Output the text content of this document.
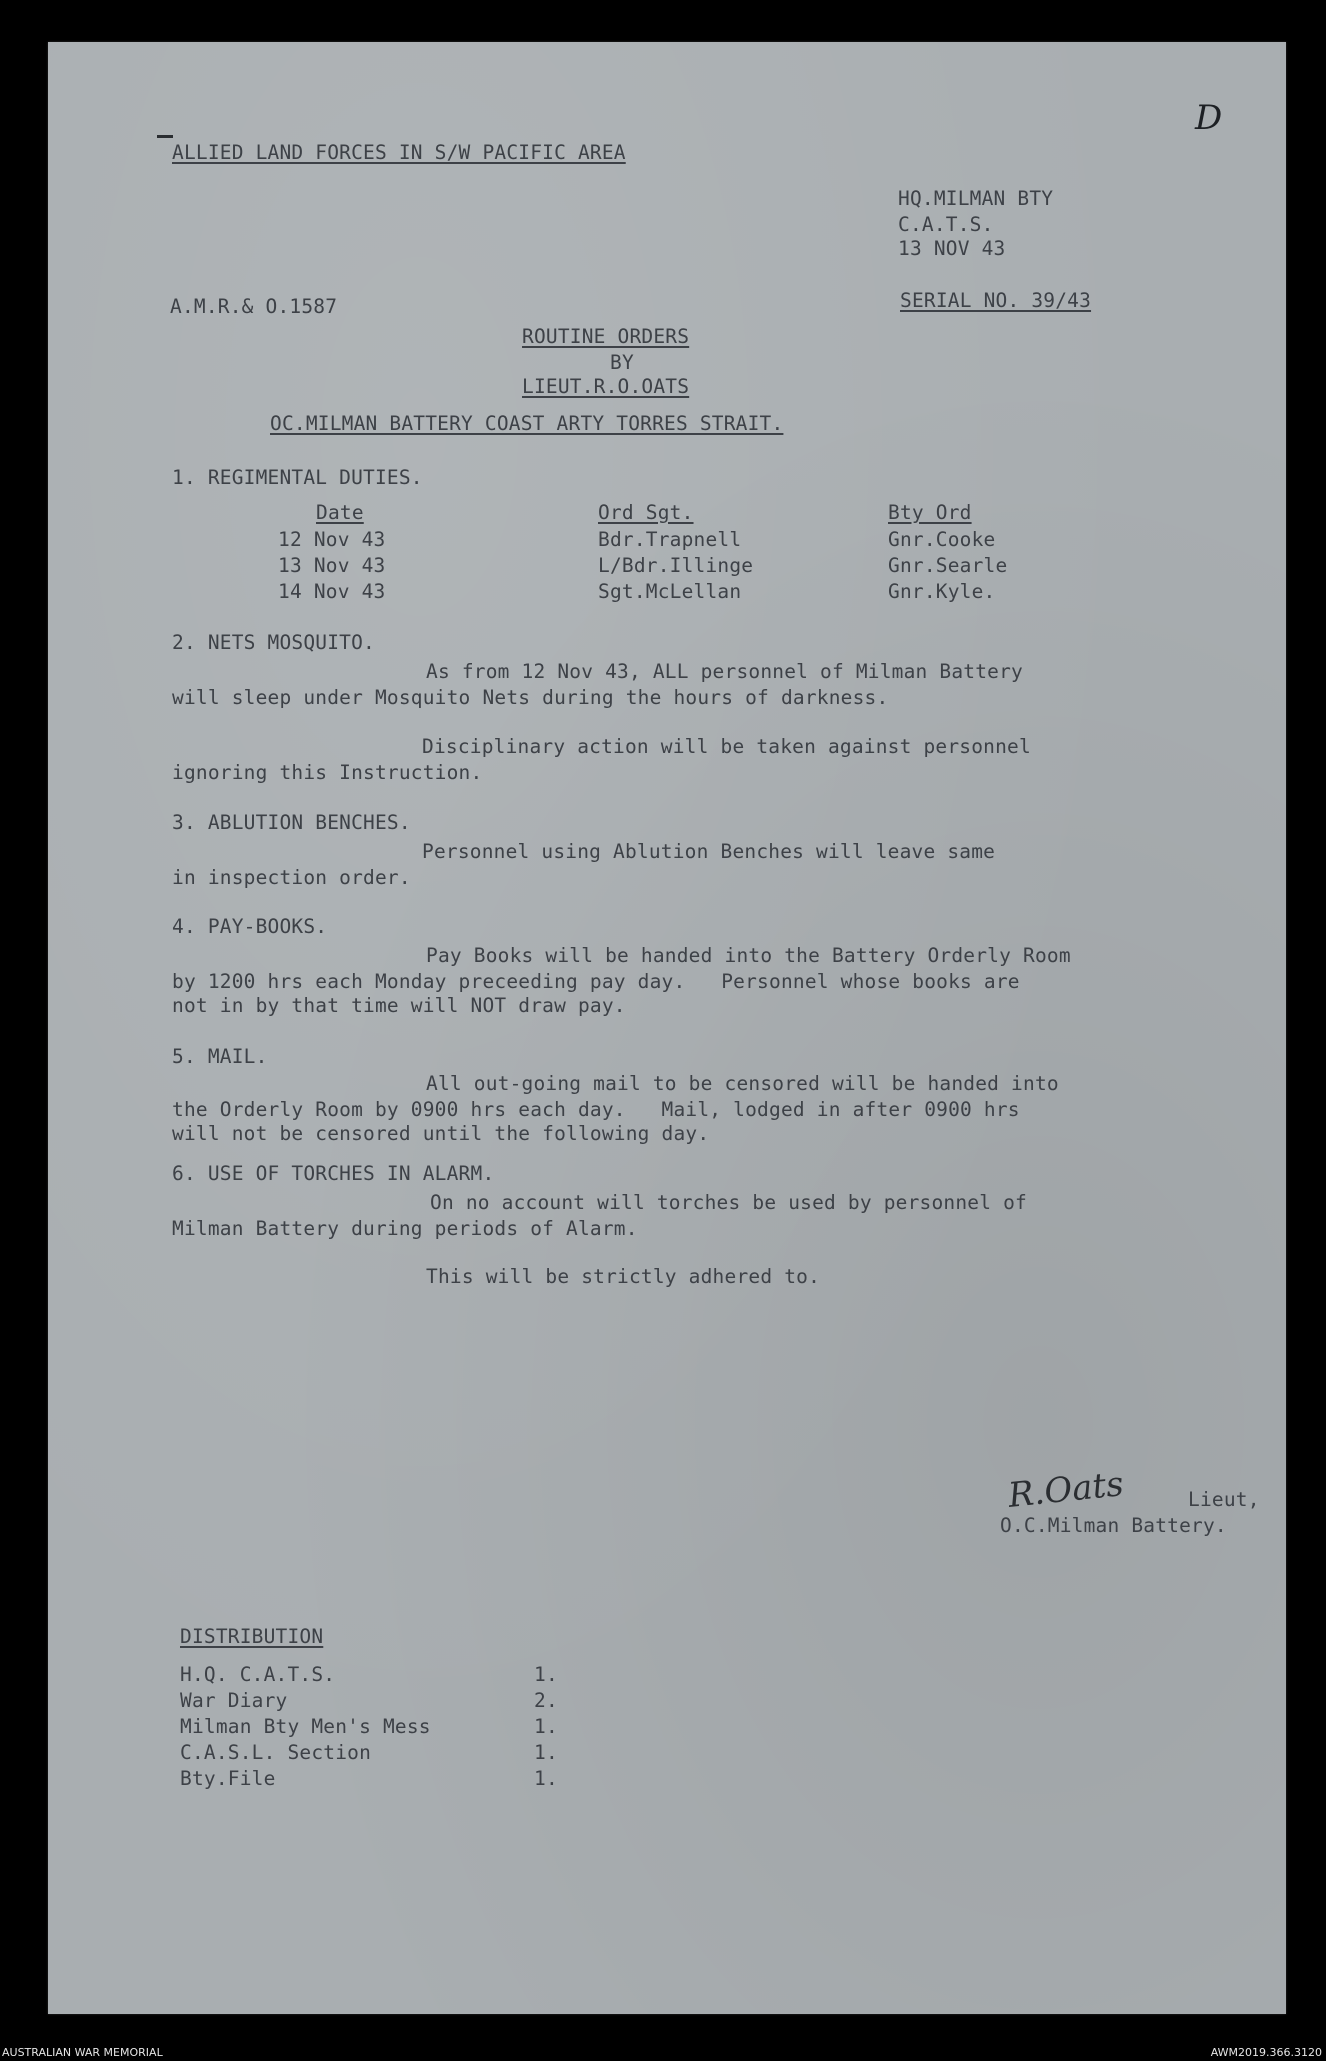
D
ALLIED LAND FORCES IN S/W PACIFIC AREA
HQ.MILMAN BTY
C.A.T.S.
13 NOV 43
A.M.R.& O.1587	SERIAL NO. 39/43
ROUTINE ORDERS
BY
LIEUT.R.O.OATS
OC.MILMAN BATTERY COAST ARTY TORRES STRAIT.
1. REGIMENTAL DUTIES.
Date	Ord Sgt.	Bty Ord
12 Nov 43	Bdr.Trapnell	Gnr.Cooke
13 Nov 43	L/Bdr.Illinge	Gnr.Searle
14 Nov 43	Sgt.McLellan	Gnr.Kyle.
2. NETS MOSQUITO.
As from 12 Nov 43, ALL personnel of Milman Battery
will sleep under Mosquito Nets during the hours of darkness.
Disciplinary action will be taken against personnel
ignoring this Instruction.
3. ABLUTION BENCHES.
Personnel using Ablution Benches will leave same
in inspection order.
4. PAY-BOOKS.
Pay Books will be handed into the Battery Orderly Room
by 1200 hrs each Monday preceeding pay day.   Personnel whose books are
not in by that time will NOT draw pay.
5. MAIL.
All out-going mail to be censored will be handed into
the Orderly Room by 0900 hrs each day.   Mail, lodged in after 0900 hrs
will not be censored until the following day.
6. USE OF TORCHES IN ALARM.
On no account will torches be used by personnel of
Milman Battery during periods of Alarm.
This will be strictly adhered to.
R.Oats	Lieut,
O.C.Milman Battery.
DISTRIBUTION
H.Q. C.A.T.S.	1.
War Diary	2.
Milman Bty Men's Mess	1.
C.A.S.L. Section	1.
Bty.File	1.
AUSTRALIAN WAR MEMORIAL	AWM2019.366.3120
